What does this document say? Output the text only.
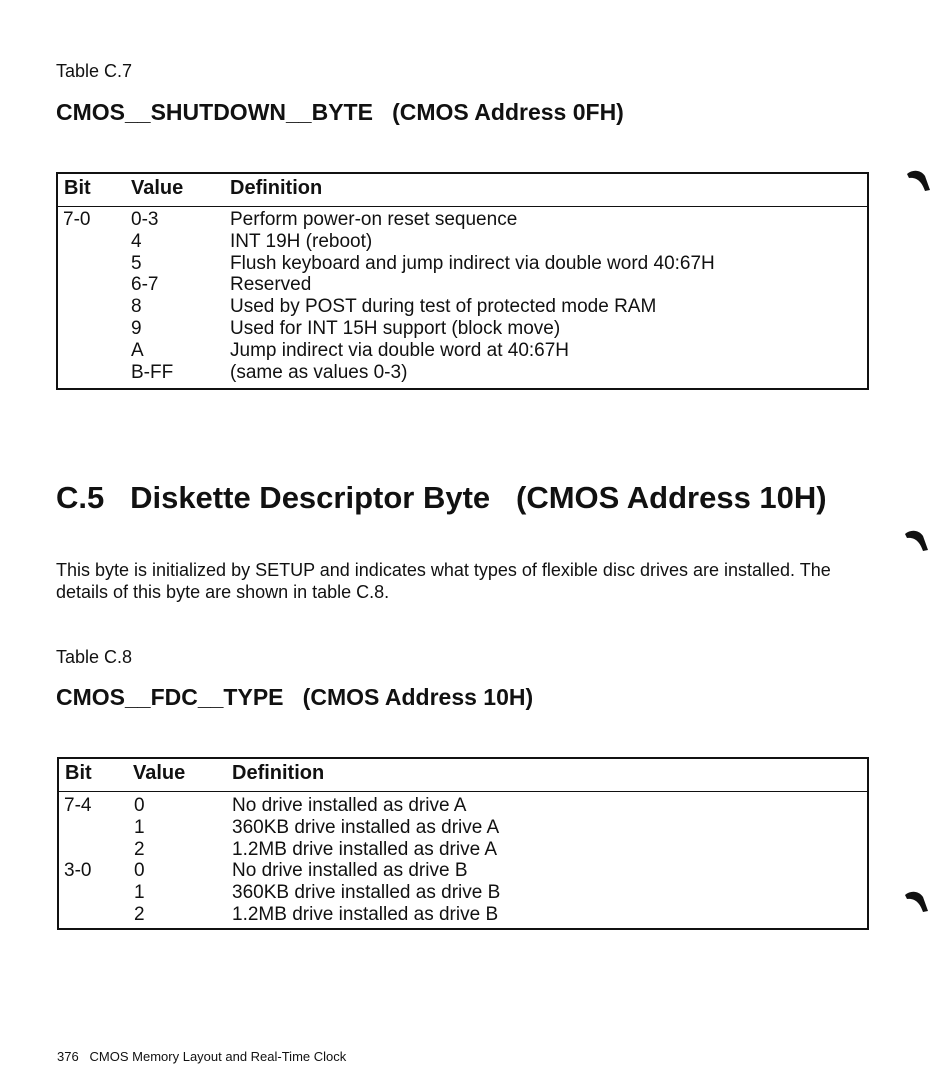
Table C.7
CMOS__SHUTDOWN__BYTE   (CMOS Address 0FH)
Bit Value Definition
7-0 0-3	Perform power-on reset sequence
4	INT 19H (reboot)
5	Flush keyboard and jump indirect via double word 40:67H
6-7	Reserved
8	Used by POST during test of protected mode RAM
9	Used for INT 15H support (block move)
A	Jump indirect via double word at 40:67H
B-FF	(same as values 0-3)
C.5   Diskette Descriptor Byte   (CMOS Address 10H)
This byte is initialized by SETUP and indicates what types of flexible disc drives are installed. The details of this byte are shown in table C.8.
Table C.8
CMOS__FDC__TYPE   (CMOS Address 10H)
Bit Value Definition
7-4 0	No drive installed as drive A
1	360KB drive installed as drive A
2	1.2MB drive installed as drive A
3-0 0	No drive installed as drive B
1	360KB drive installed as drive B
2	1.2MB drive installed as drive B
376 CMOS Memory Layout and Real-Time Clock
